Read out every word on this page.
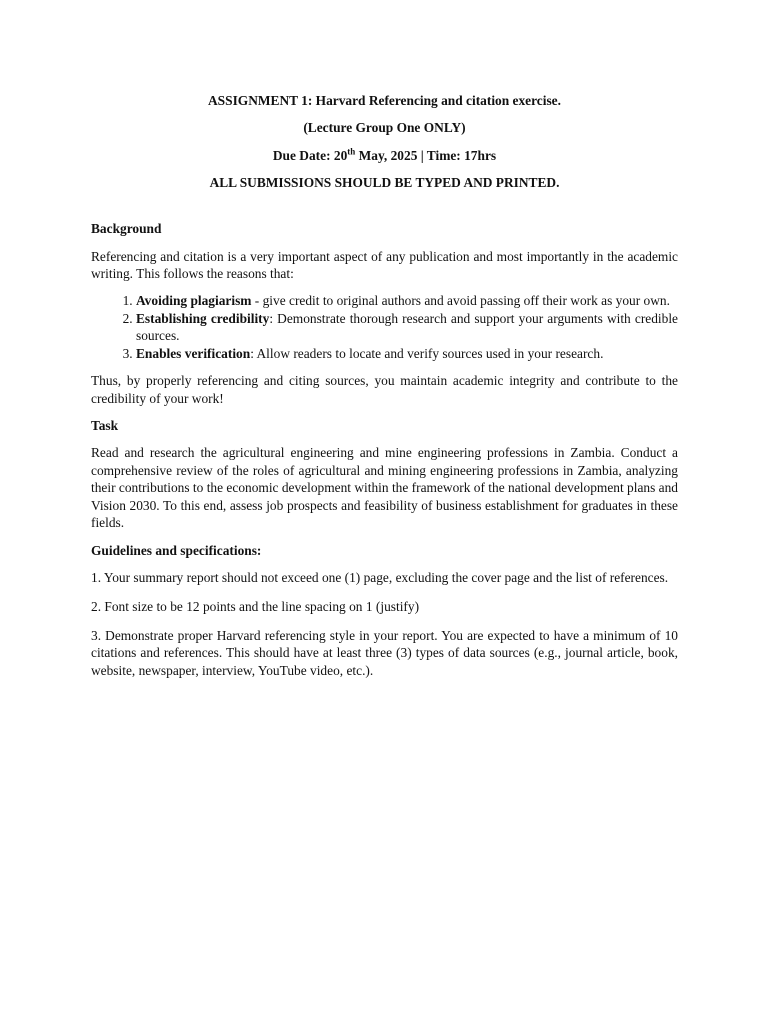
ASSIGNMENT 1: Harvard Referencing and citation exercise.

(Lecture Group One ONLY)

Due Date: 20th May, 2025 | Time: 17hrs

ALL SUBMISSIONS SHOULD BE TYPED AND PRINTED.

Background

Referencing and citation is a very important aspect of any publication and most importantly in the academic writing. This follows the reasons that:

1. Avoiding plagiarism - give credit to original authors and avoid passing off their work as your own.
2. Establishing credibility: Demonstrate thorough research and support your arguments with credible sources.
3. Enables verification: Allow readers to locate and verify sources used in your research.

Thus, by properly referencing and citing sources, you maintain academic integrity and contribute to the credibility of your work!

Task

Read and research the agricultural engineering and mine engineering professions in Zambia. Conduct a comprehensive review of the roles of agricultural and mining engineering professions in Zambia, analyzing their contributions to the economic development within the framework of the national development plans and Vision 2030. To this end, assess job prospects and feasibility of business establishment for graduates in these fields.

Guidelines and specifications:

1. Your summary report should not exceed one (1) page, excluding the cover page and the list of references.

2. Font size to be 12 points and the line spacing on 1 (justify)

3. Demonstrate proper Harvard referencing style in your report. You are expected to have a minimum of 10 citations and references. This should have at least three (3) types of data sources (e.g., journal article, book, website, newspaper, interview, YouTube video, etc.).
